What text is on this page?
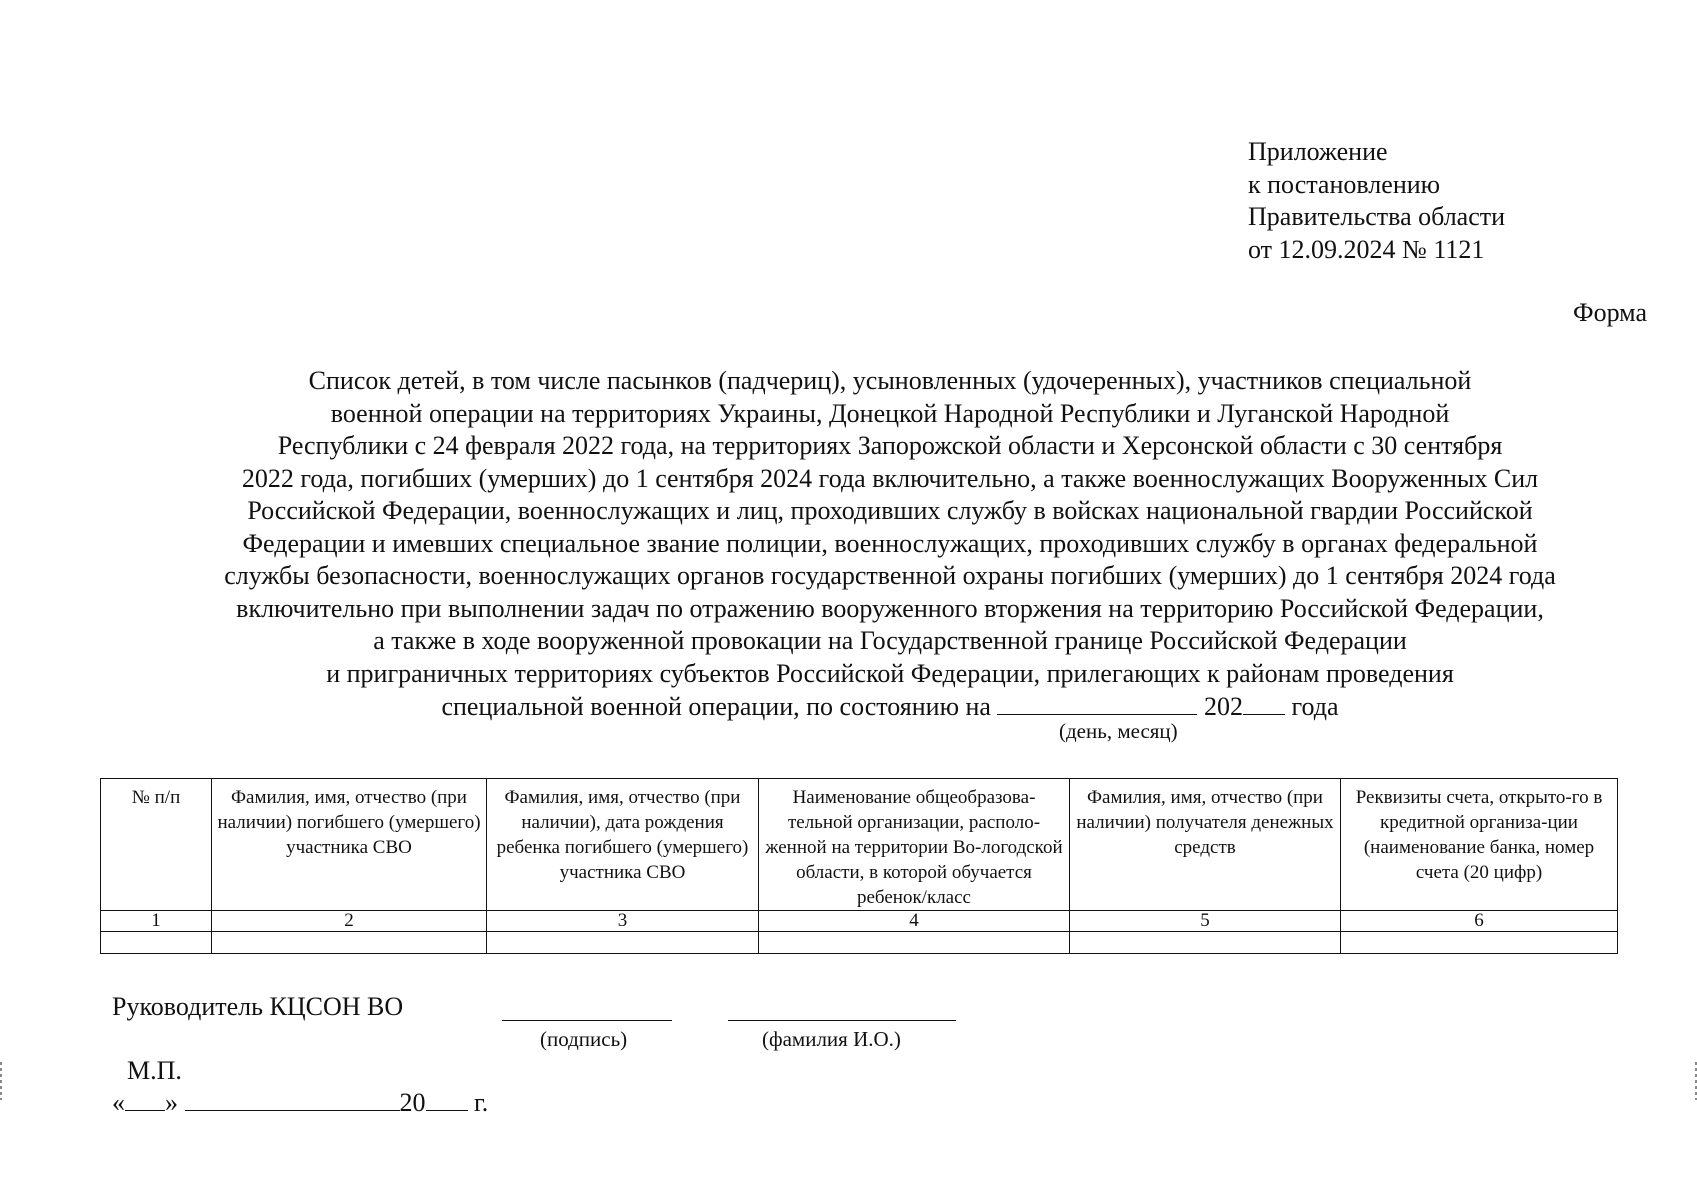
Приложение
к постановлению
Правительства области
от 12.09.2024 № 1121
Форма
Список детей, в том числе пасынков (падчериц), усыновленных (удочеренных), участников специальной
военной операции на территориях Украины, Донецкой Народной Республики и Луганской Народной
Республики с 24 февраля 2022 года, на территориях Запорожской области и Херсонской области с 30 сентября
2022 года, погибших (умерших) до 1 сентября 2024 года включительно, а также военнослужащих Вооруженных Сил
Российской Федерации, военнослужащих и лиц, проходивших службу в войсках национальной гвардии Российской
Федерации и имевших специальное звание полиции, военнослужащих, проходивших службу в органах федеральной
службы безопасности, военнослужащих органов государственной охраны погибших (умерших) до 1 сентября 2024 года
включительно при выполнении задач по отражению вооруженного вторжения на территорию Российской Федерации,
а также в ходе вооруженной провокации на Государственной границе Российской Федерации
и приграничных территориях субъектов Российской Федерации, прилегающих к районам проведения
специальной военной операции, по состоянию на	202 года
(день, месяц)
№ п/п	Фамилия, имя, отчество (при наличии) погибшего (умершего) участника СВО	Фамилия, имя, отчество (при наличии), дата рождения ребенка погибшего (умершего) участника СВО	Наименование общеобразова-тельной организации, располо-женной на территории Во-логодской области, в которой обучается ребенок/класс	Фамилия, имя, отчество (при наличии) получателя денежных средств	Реквизиты счета, открыто-го в кредитной организа-ции (наименование банка, номер счета (20 цифр)
1	2	3	4	5	6

Руководитель КЦСОН ВО
(подпись)	(фамилия И.О.)
М.П.
« »	20 г.
